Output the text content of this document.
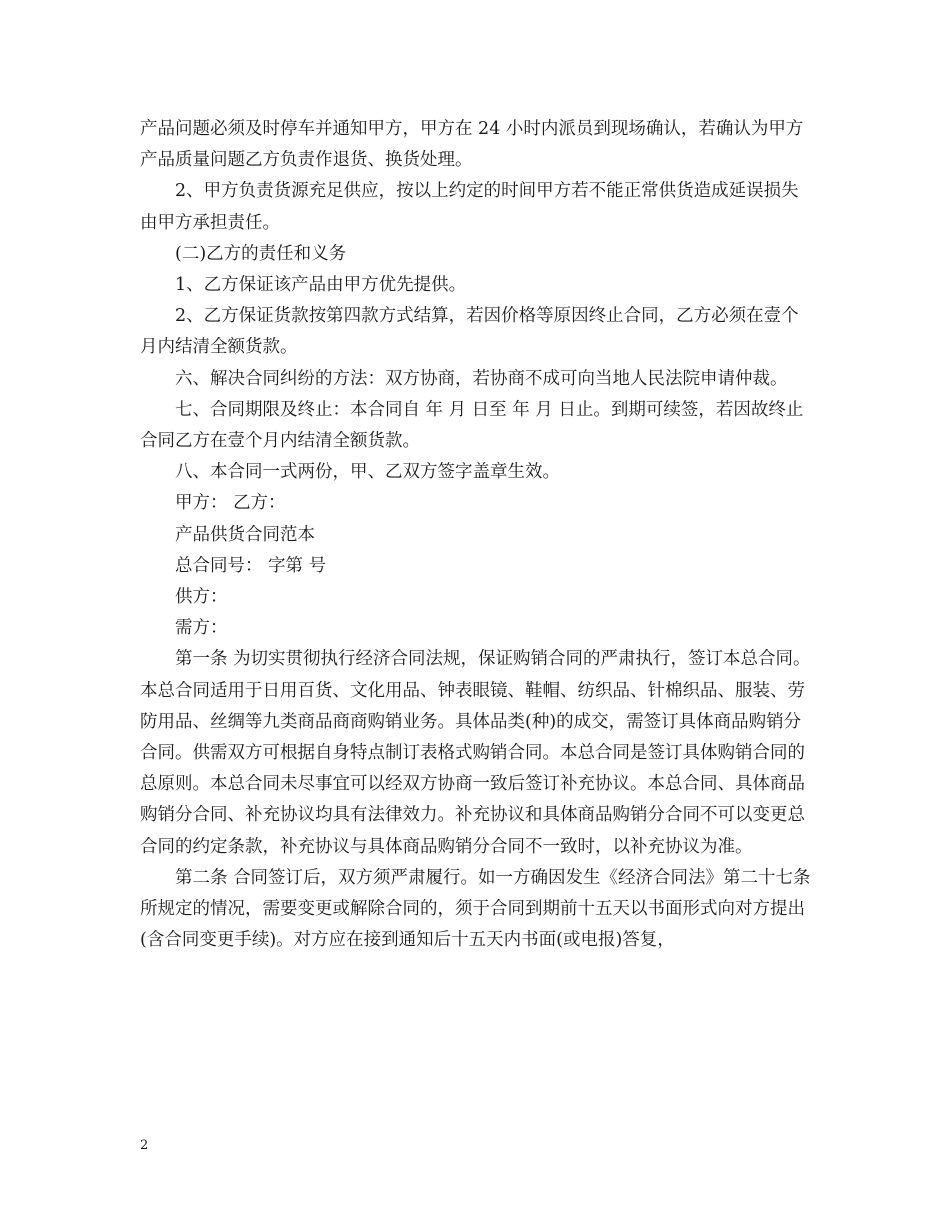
产品问题必须及时停车并通知甲方，甲方在 24 小时内派员到现场确认，若确认为甲方产品质量问题乙方负责作退货、换货处理。

2、甲方负责货源充足供应，按以上约定的时间甲方若不能正常供货造成延误损失由甲方承担责任。

(二)乙方的责任和义务

1、乙方保证该产品由甲方优先提供。

2、乙方保证货款按第四款方式结算，若因价格等原因终止合同，乙方必须在壹个月内结清全额货款。

六、解决合同纠纷的方法：双方协商，若协商不成可向当地人民法院申请仲裁。

七、合同期限及终止：本合同自 年 月 日至 年 月 日止。到期可续签，若因故终止合同乙方在壹个月内结清全额货款。

八、本合同一式两份，甲、乙双方签字盖章生效。

甲方： 乙方：

产品供货合同范本

总合同号： 字第 号

供方：

需方：

第一条 为切实贯彻执行经济合同法规，保证购销合同的严肃执行，签订本总合同。本总合同适用于日用百货、文化用品、钟表眼镜、鞋帽、纺织品、针棉织品、服装、劳防用品、丝绸等九类商品商商购销业务。具体品类(种)的成交，需签订具体商品购销分合同。供需双方可根据自身特点制订表格式购销合同。本总合同是签订具体购销合同的总原则。本总合同未尽事宜可以经双方协商一致后签订补充协议。本总合同、具体商品购销分合同、补充协议均具有法律效力。补充协议和具体商品购销分合同不可以变更总合同的约定条款，补充协议与具体商品购销分合同不一致时，以补充协议为准。

第二条 合同签订后，双方须严肃履行。如一方确因发生《经济合同法》第二十七条所规定的情况，需要变更或解除合同的，须于合同到期前十五天以书面形式向对方提出(含合同变更手续)。对方应在接到通知后十五天内书面(或电报)答复，

2
